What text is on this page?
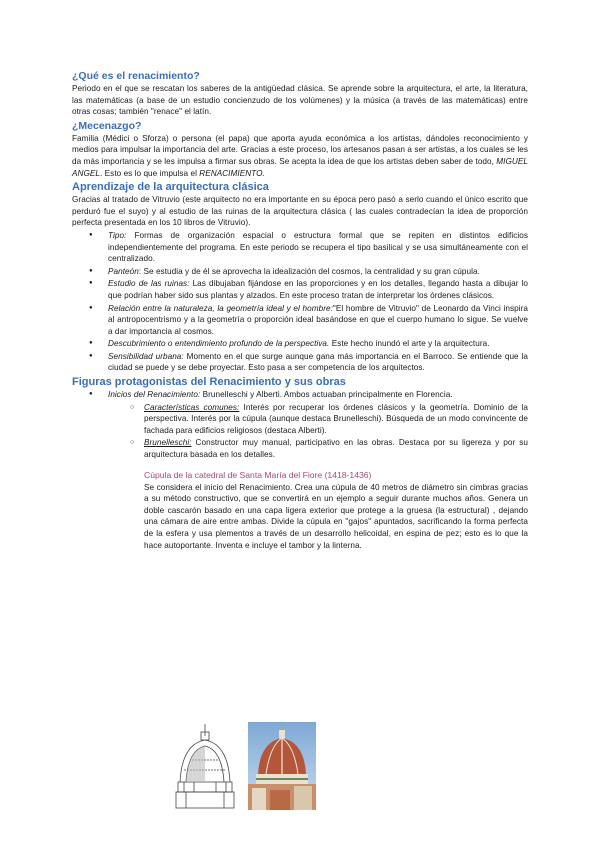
¿Qué es el renacimiento?

Periodo en el que se rescatan los saberes de la antigüedad clásica. Se aprende sobre la arquitectura, el arte, la literatura, las matemáticas (a base de un estudio concienzudo de los volúmenes) y la música (a través de las matemáticas) entre otras cosas; también "renace" el latín.

¿Mecenazgo?

Familia (Médici o Sforza) o persona (el papa) que aporta ayuda económica a los artistas, dándoles reconocimiento y medios para impulsar la importancia del arte. Gracias a este proceso, los artesanos pasan a ser artistas, a los cuales se les da más importancia y se les impulsa a firmar sus obras. Se acepta la idea de que los artistas deben saber de todo, MIGUEL ANGEL. Esto es lo que impulsa el RENACIMIENTO.

Aprendizaje de la arquitectura clásica

Gracias al tratado de Vitruvio (este arquitecto no era importante en su época pero pasó a serlo cuando el único escrito que perduró fue el suyo) y al estudio de las ruinas de la arquitectura clásica ( las cuales contradecían la idea de proporción perfecta presentada en los 10 libros de Vitruvio).

● Tipo: Formas de organización espacial o estructura formal que se repiten en distintos edificios independientemente del programa. En este periodo se recupera el tipo basilical y se usa simultáneamente con el centralizado.
● Panteón: Se estudia y de él se aprovecha la idealización del cosmos, la centralidad y su gran cúpula.
● Estudio de las ruinas: Las dibujaban fijándose en las proporciones y en los detalles, llegando hasta a dibujar lo que podrían haber sido sus plantas y alzados. En este proceso tratan de interpretar los órdenes clásicos.
● Relación entre la naturaleza, la geometría ideal y el hombre:"El hombre de Vitruvio" de Leonardo da Vinci inspira al antropocentrismo y a la geometría o proporción ideal basándose en que el cuerpo humano lo sigue. Se vuelve a dar importancia al cosmos.
● Descubrimiento o entendimiento profundo de la perspectiva. Este hecho inundó el arte y la arquitectura.
● Sensibilidad urbana: Momento en el que surge aunque gana más importancia en el Barroco. Se entiende que la ciudad se puede y se debe proyectar. Esto pasa a ser competencia de los arquitectos.
Figuras protagonistas del Renacimiento y sus obras
● Inicios del Renacimiento: Brunelleschi y Alberti. Ambos actuaban principalmente en Florencia.
○ Características comunes: Interés por recuperar los órdenes clásicos y la geometría. Dominio de la perspectiva. Interés por la cúpula (aunque destaca Brunelleschi). Búsqueda de un modo convincente de fachada para edificios religiosos (destaca Alberti).
○ Brunelleschi: Constructor muy manual, participativo en las obras. Destaca por su ligereza y por su arquitectura basada en los detalles.

Cúpula de la catedral de Santa María del Fiore (1418-1436)

Se considera el inicio del Renacimiento. Crea una cúpula de 40 metros de diámetro sin cimbras gracias a su método constructivo, que se convertirá en un ejemplo a seguir durante muchos años. Genera un doble cascarón basado en una capa ligera exterior que protege a la gruesa (la estructural) , dejando una cámara de aire entre ambas. Divide la cúpula en "gajos" apuntados, sacrificando la forma perfecta de la esfera y usa plementos a través de un desarrollo helicoidal, en espina de pez; esto es lo que la hace autoportante. Inventa e incluye el tambor y la linterna.
